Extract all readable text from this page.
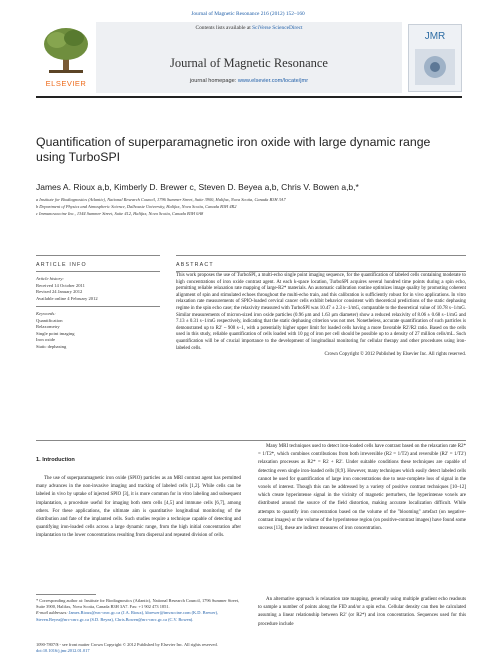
Journal of Magnetic Resonance 216 (2012) 152–160
ELSEVIER
Contents lists available at SciVerse ScienceDirect
Journal of Magnetic Resonance
journal homepage: www.elsevier.com/locate/jmr
JMR
Quantification of superparamagnetic iron oxide with large dynamic range using TurboSPI
James A. Rioux a,b, Kimberly D. Brewer c, Steven D. Beyea a,b, Chris V. Bowen a,b,*
a Institute for Biodiagnostics (Atlantic), National Research Council, 1796 Summer Street, Suite 3900, Halifax, Nova Scotia, Canada B3H 3A7
b Department of Physics and Atmospheric Science, Dalhousie University, Halifax, Nova Scotia, Canada B3H 4R2
c Immunovaccine Inc., 1344 Summer Street, Suite 412, Halifax, Nova Scotia, Canada B3H 0A8
ARTICLE INFO	ABSTRACT
Article history:
Received 14 October 2011
Revised 24 January 2012
Available online 4 February 2012
Keywords:
Quantification
Relaxometry
Single point imaging
Iron oxide
Static dephasing
This work proposes the use of TurboSPI, a multi-echo single point imaging sequence, for the quantification of labeled cells containing moderate to high concentrations of iron oxide contrast agent. At each k-space location, TurboSPI acquires several hundred time points during a spin echo, permitting reliable relaxation rate mapping of large-R2* materials. An automatic calibration routine optimizes image quality by promoting coherent alignment of spin and stimulated echoes throughout the multi-echo train, and this calibration is sufficiently robust for in vivo applications. In vitro relaxation rate measurements of SPIO-loaded cervical cancer cells exhibit behavior consistent with theoretical predictions of the static dephasing regime in the spin echo case; the relaxivity measured with TurboSPI was 10.47 ± 2.3 s−1/mG, comparable to the theoretical value of 10.78 s−1/mG. Similar measurements of micron-sized iron oxide particles (0.96 μm and 1.63 μm diameter) show a reduced relaxivity of 8.06 ± 0.68 s−1/mG and 7.13 ± 0.31 s−1/mG respectively, indicating that the static dephasing criterion was not met. Nonetheless, accurate quantification of such particles is demonstrated up to R2' ~ 900 s−1, with a potentially higher upper limit for loaded cells having a more favorable R2'/R2 ratio. Based on the cells used in this study, reliable quantification of cells loaded with 10 pg of iron per cell should be possible up to a density of 27 million cells/mL. Such quantification will be of crucial importance to the development of longitudinal monitoring for cellular therapy and other procedures using iron-labeled cells.
Crown Copyright © 2012 Published by Elsevier Inc. All rights reserved.
1. Introduction
The use of superparamagnetic iron oxide (SPIO) particles as an MRI contrast agent has permitted many advances in the non-invasive imaging and tracking of labeled cells [1,2]. While cells can be labeled in vivo by uptake of injected SPIO [3], it is more common for in vitro labeling and subsequent implantation, a procedure useful for imaging both stem cells [4,5] and immune cells [6,7], among others. For these applications, the ultimate aim is quantitative longitudinal monitoring of the distribution and fate of the implanted cells. Such studies require a technique capable of detecting and quantifying iron-loaded cells across a large dynamic range, from the high initial concentration after implantation to the lower concentrations resulting from dispersal and repeated division of cells.
Many MRI techniques used to detect iron-loaded cells have contrast based on the relaxation rate R2* = 1/T2*, which combines contributions from both irreversible (R2 = 1/T2) and reversible (R2' = 1/T2') relaxation processes as R2* = R2 + R2'. Under suitable conditions these techniques are capable of detecting even single iron-loaded cells [8,9]. However, many techniques which easily detect labeled cells cannot be used for quantification of large iron concentrations due to near-complete loss of signal in the voxels of interest. Though this can be addressed by a variety of positive contrast techniques [10–12] which create hyperintense signal in the vicinity of magnetic perturbers, the hyperintense voxels are distributed around the source of the field distortion, making accurate localization difficult. While attempts to quantify iron concentration based on the volume of the "blooming" artefact (on negative-contrast images) or the volume of the hyperintense region (on positive-contrast images) have found some success [13], these are indirect measures of iron concentration.
An alternative approach is relaxation rate mapping, generally using multiple gradient echo readouts to sample a number of points along the FID and/or a spin echo. Cellular density can then be calculated assuming a linear relationship between R2' (or R2*) and iron concentration. Sequences used for this procedure include
* Corresponding author at: Institute for Biodiagnostics (Atlantic), National Research Council, 1796 Summer Street, Suite 3900, Halifax, Nova Scotia, Canada B3H 3A7. Fax: +1 902 473 1851.
E-mail addresses: James.Rioux@nrc-cnrc.gc.ca (J.A. Rioux), kbrewer@imvaccine.com (K.D. Brewer), Steven.Beyea@nrc-cnrc.gc.ca (S.D. Beyea), Chris.Bowen@nrc-cnrc.gc.ca (C.V. Bowen).
1090-7807/$ - see front matter Crown Copyright © 2012 Published by Elsevier Inc. All rights reserved.
doi:10.1016/j.jmr.2012.01.017
